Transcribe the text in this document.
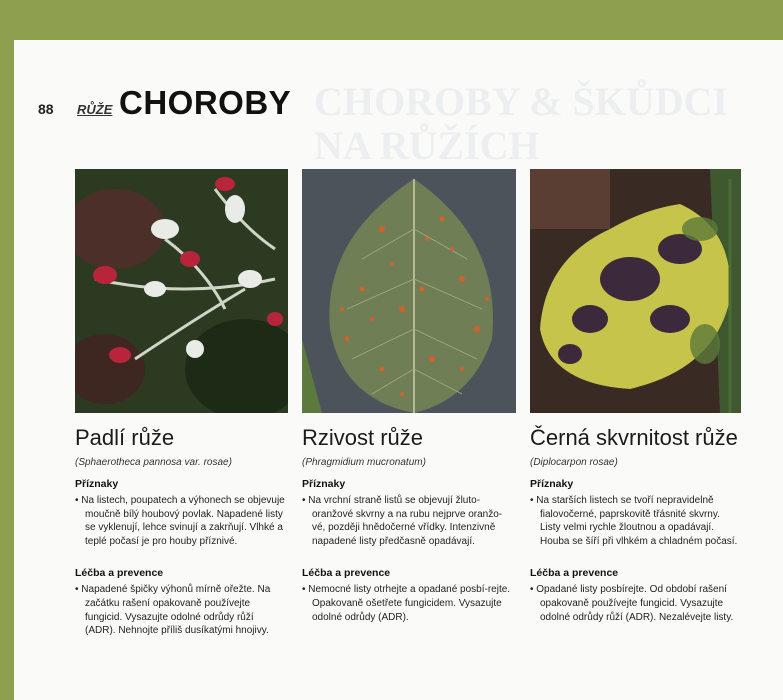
CHOROBY & ŠKŮDCI
NA RŮŽÍCH
88 RŮŽE CHOROBY
Padlí růže
(Sphaerotheca pannosa var. rosae)
Příznaky
• Na listech, poupatech a výhonech se objevuje moučně bílý houbový povlak. Napadené listy se vyklenují, lehce svinují a zakrňují. Vlhké a teplé počasí je pro houby příznivé.
Léčba a prevence
• Napadené špičky výhonů mírně ořežte. Na začátku rašení opakovaně používejte fungicid. Vysazujte odolné odrůdy růží (ADR). Nehnojte příliš dusíkatými hnojivy.
Rzivost růže
(Phragmidium mucronatum)
Příznaky
• Na vrchní straně listů se objevují žluto-oranžové skvrny a na rubu nejprve oranžo-vé, později hnědočerné vřídky. Intenzivně napadené listy předčasně opadávají.
Léčba a prevence
• Nemocné listy otrhejte a opadané posbí-rejte. Opakovaně ošetřete fungicidem. Vysazujte odolné odrůdy (ADR).
Černá skvrnitost růže
(Diplocarpon rosae)
Příznaky
• Na starších listech se tvoří nepravidelně fialovočerné, paprskovitě třásnité skvrny. Listy velmi rychle žloutnou a opadávají. Houba se šíří při vlhkém a chladném počasí.
Léčba a prevence
• Opadané listy posbírejte. Od období rašení opakovaně používejte fungicid. Vysazujte odolné odrůdy růží (ADR). Nezalévejte listy.
